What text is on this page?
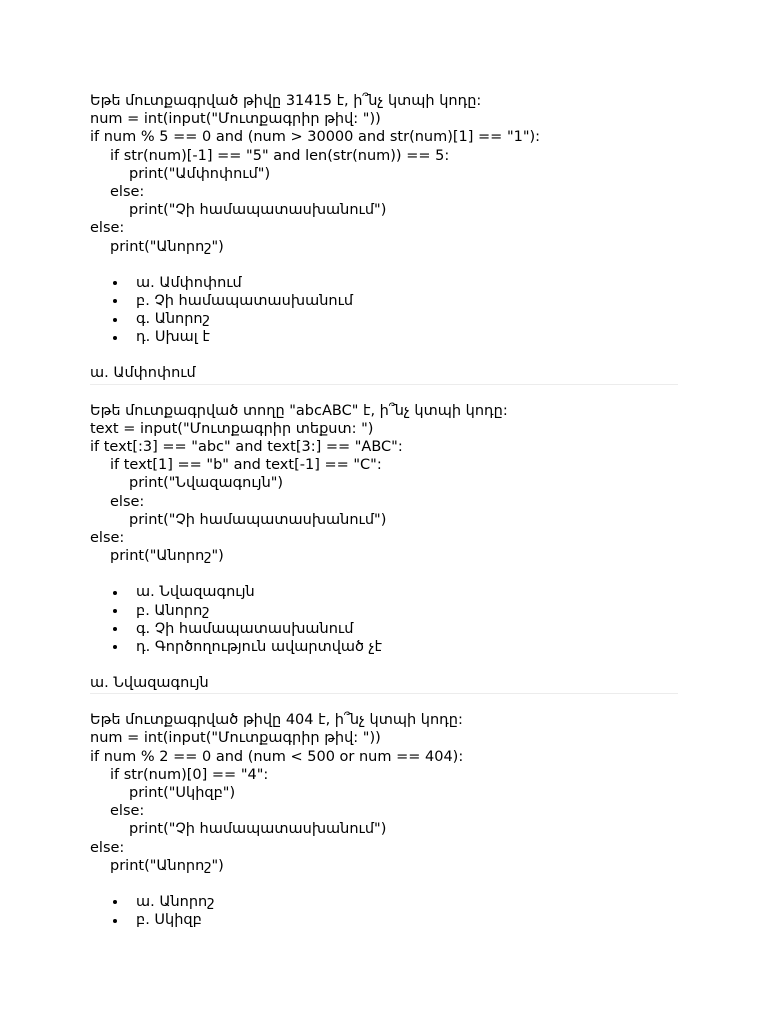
Եթե մուտքագրված թիվը 31415 է, ի՞նչ կտպի կոդը:
num = int(input("Մուտքագրիր թիվ: "))
if num % 5 == 0 and (num > 30000 and str(num)[1] == "1"):
if str(num)[-1] == "5" and len(str(num)) == 5:
print("Ամփոփում")
else:
print("Չի համապատասխանում")
else:
print("Անորոշ")
ա. Ամփոփում
բ. Չի համապատասխանում
գ. Անորոշ
դ. Սխալ է
ա. Ամփոփում
Եթե մուտքագրված տողը "abcABC" է, ի՞նչ կտպի կոդը:
text = input("Մուտքագրիր տեքստ: ")
if text[:3] == "abc" and text[3:] == "ABC":
if text[1] == "b" and text[-1] == "C":
print("Նվազագույն")
else:
print("Չի համապատասխանում")
else:
print("Անորոշ")
ա. Նվազագույն
բ. Անորոշ
գ. Չի համապատասխանում
դ. Գործողություն ավարտված չէ
ա. Նվազագույն
Եթե մուտքագրված թիվը 404 է, ի՞նչ կտպի կոդը:
num = int(input("Մուտքագրիր թիվ: "))
if num % 2 == 0 and (num < 500 or num == 404):
if str(num)[0] == "4":
print("Սկիզբ")
else:
print("Չի համապատասխանում")
else:
print("Անորոշ")
ա. Անորոշ
բ. Սկիզբ
